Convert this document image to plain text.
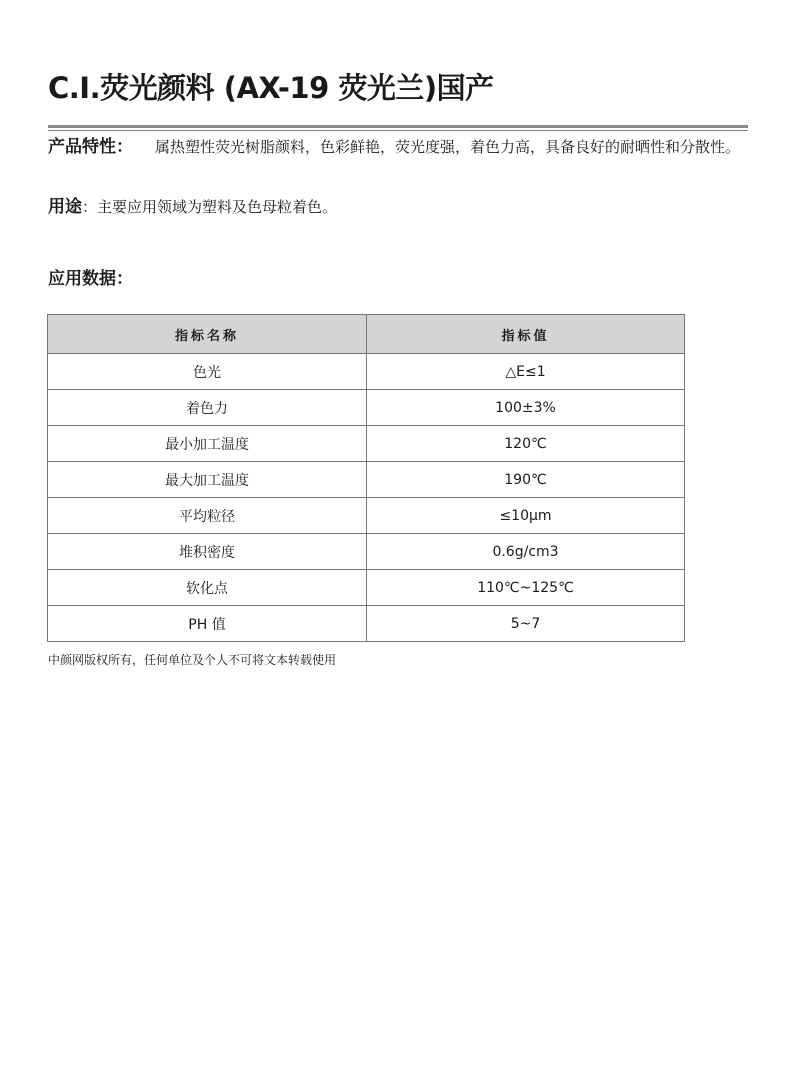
C.I.荧光颜料 (AX-19 荧光兰)国产

产品特性： 属热塑性荧光树脂颜料，色彩鲜艳，荧光度强，着色力高，具备良好的耐晒性和分散性。

用途：主要应用领域为塑料及色母粒着色。

应用数据：
指标名称	指标值
色光	△E≤1
着色力	100±3%
最小加工温度	120℃
最大加工温度	190℃
平均粒径	≤10μm
堆积密度	0.6g/cm3
软化点	110℃~125℃
PH 值	5~7

中颜网版权所有，任何单位及个人不可将文本转载使用
